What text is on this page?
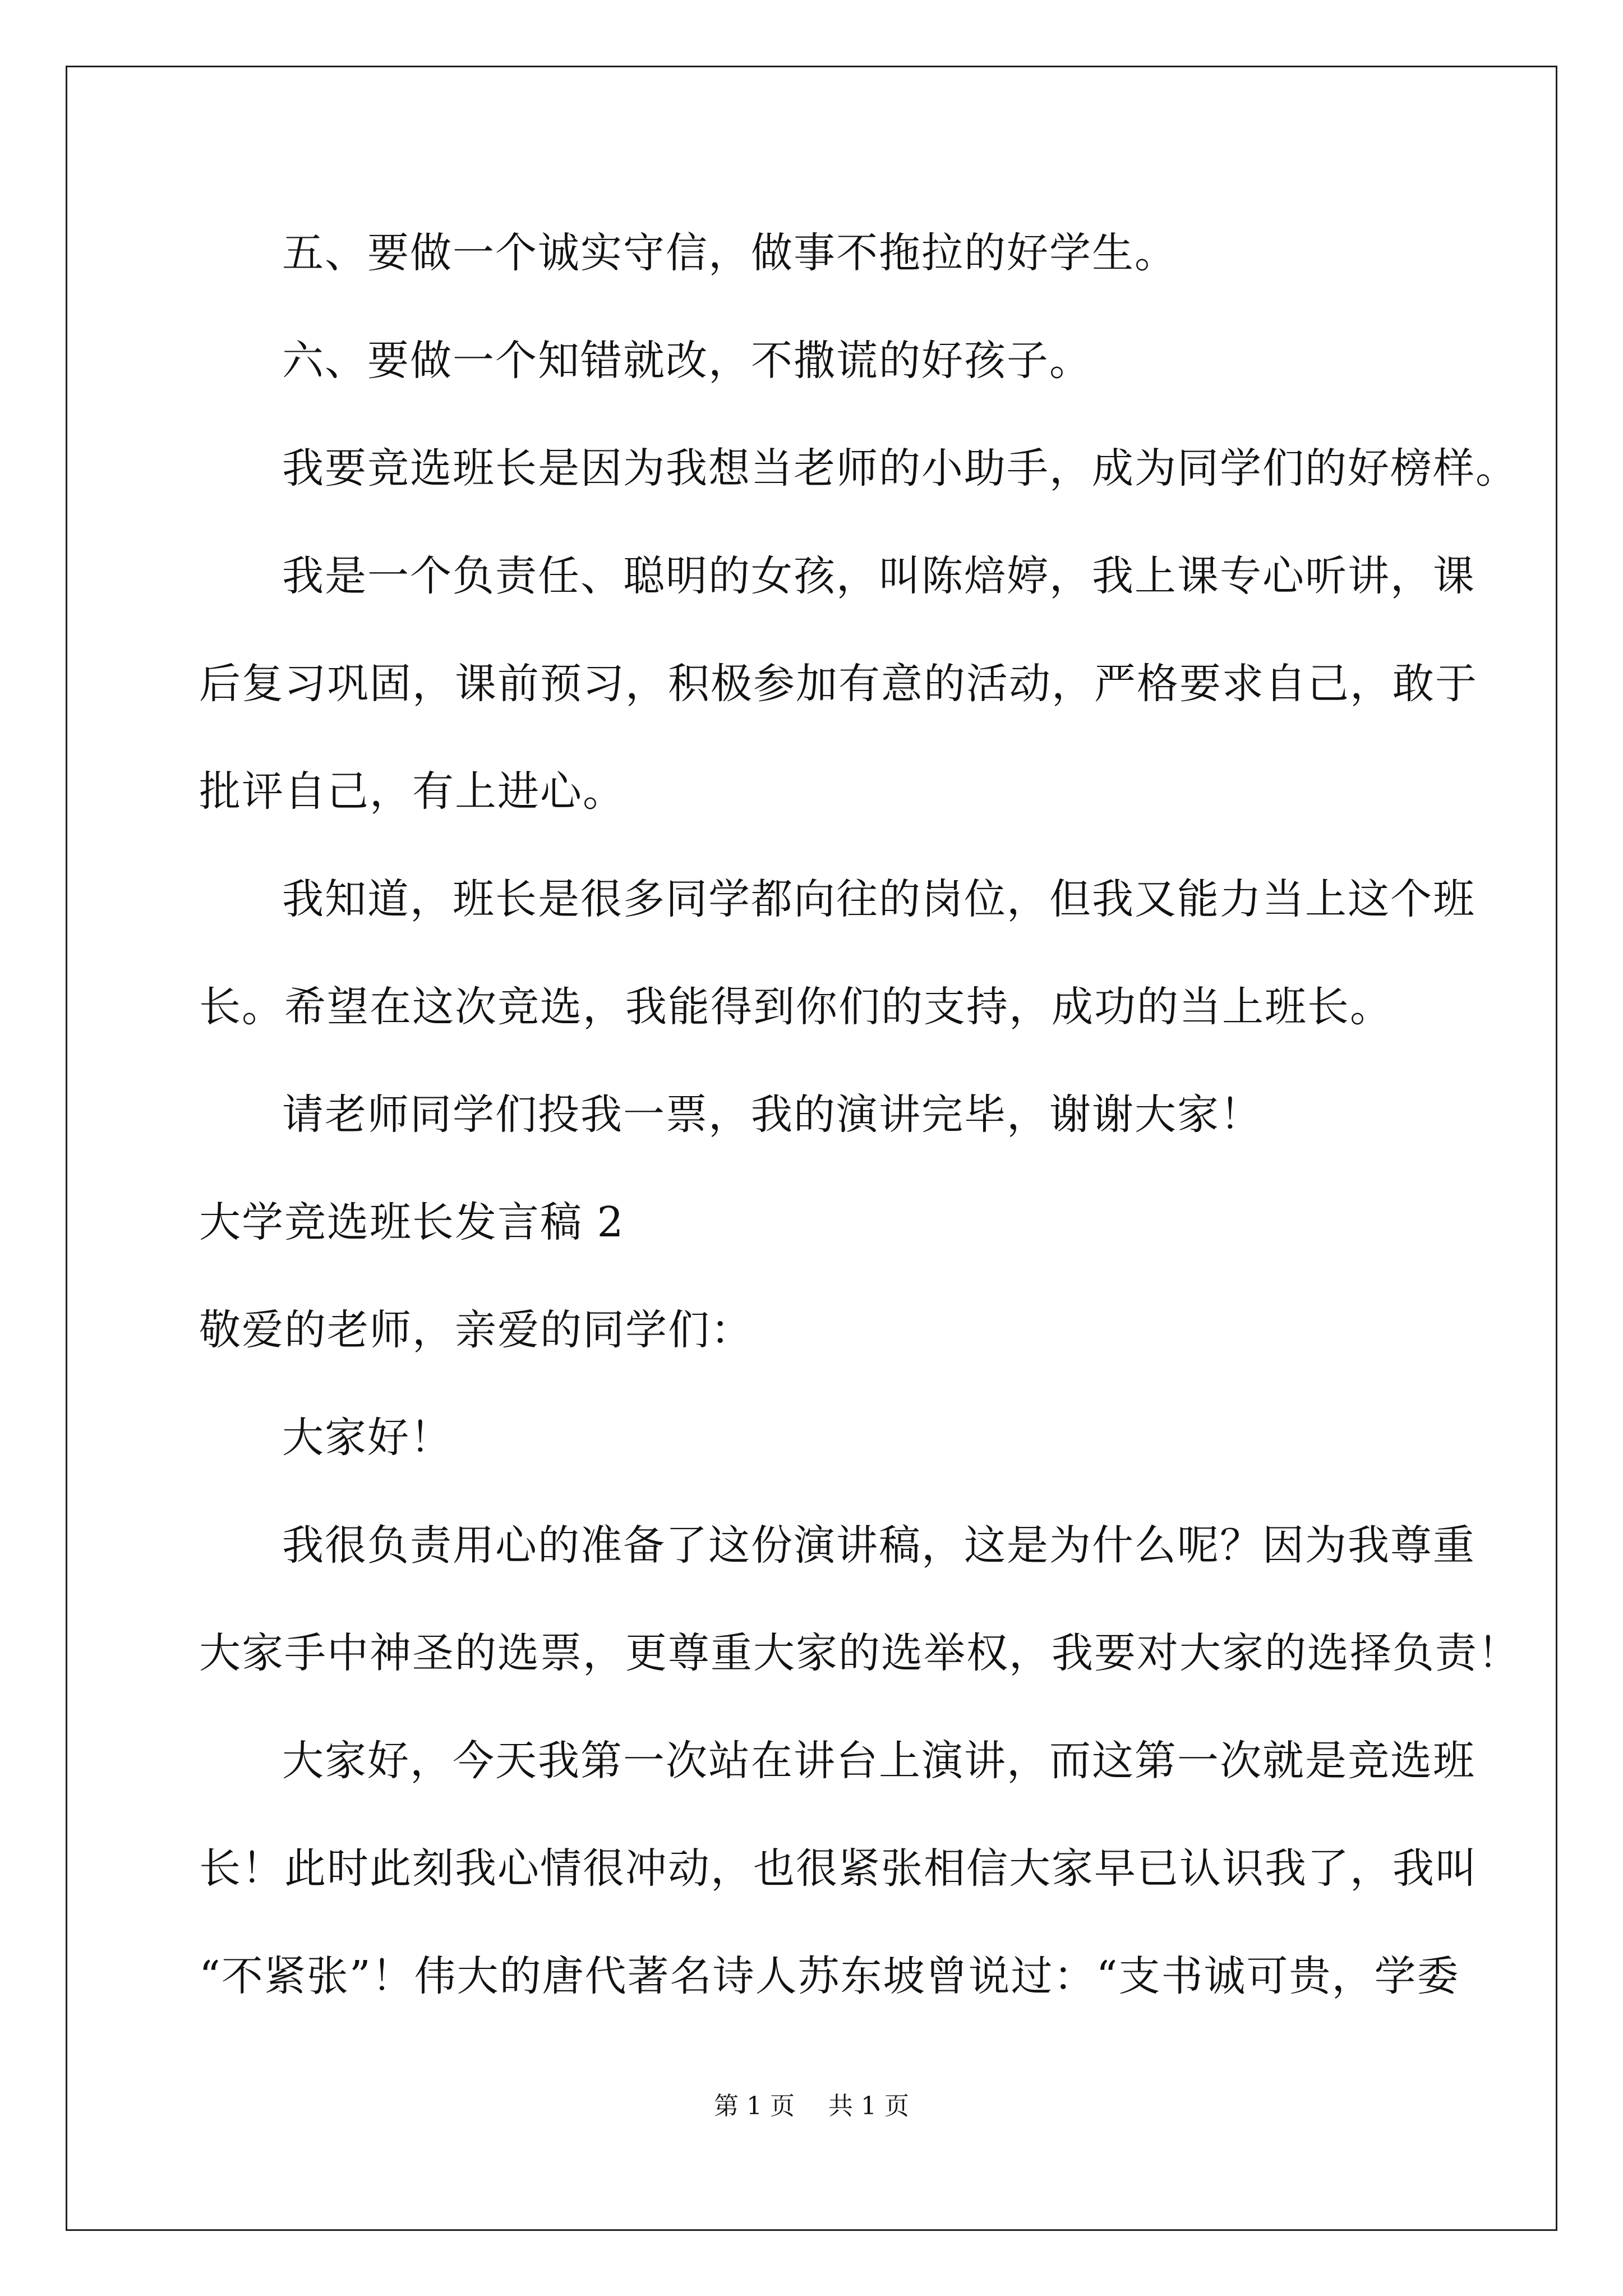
五、要做一个诚实守信，做事不拖拉的好学生。
六、要做一个知错就改，不撒谎的好孩子。
我要竞选班长是因为我想当老师的小助手，成为同学们的好榜样。
我是一个负责任、聪明的女孩，叫陈焙婷，我上课专心听讲，课
后复习巩固，课前预习，积极参加有意的活动，严格要求自己，敢于
批评自己，有上进心。
我知道，班长是很多同学都向往的岗位，但我又能力当上这个班
长。希望在这次竞选，我能得到你们的支持，成功的当上班长。
请老师同学们投我一票，我的演讲完毕，谢谢大家！
大学竞选班长发言稿 2
敬爱的老师，亲爱的同学们：
大家好！
我很负责用心的准备了这份演讲稿，这是为什么呢？因为我尊重
大家手中神圣的选票，更尊重大家的选举权，我要对大家的选择负责！
大家好，今天我第一次站在讲台上演讲，而这第一次就是竞选班
长！此时此刻我心情很冲动，也很紧张相信大家早已认识我了，我叫
“不紧张”！伟大的唐代著名诗人苏东坡曾说过：“支书诚可贵，学委
第 1 页 共 1 页
